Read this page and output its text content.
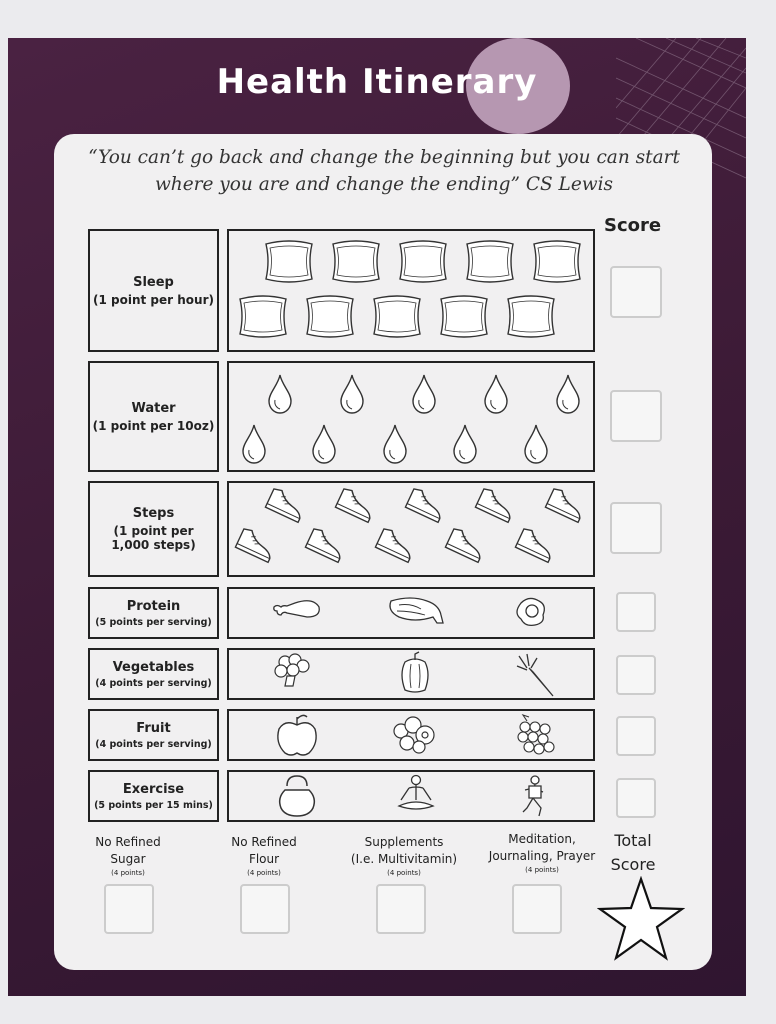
Health Itinerary
“You can’t go back and change the beginning but you can start where you are and change the ending” CS Lewis
Score
Sleep
(1 point per hour)
Water
(1 point per 10oz)
Steps
(1 point per 1,000 steps)
Protein
(5 points per serving)
Vegetables
(4 points per serving)
Fruit
(4 points per serving)
Exercise
(5 points per 15 mins)
No Refined
Sugar
(4 points)
No Refined
Flour
(4 points)
Supplements
(I.e. Multivitamin)
(4 points)
Meditation,
Journaling, Prayer
(4 points)
Total
Score
